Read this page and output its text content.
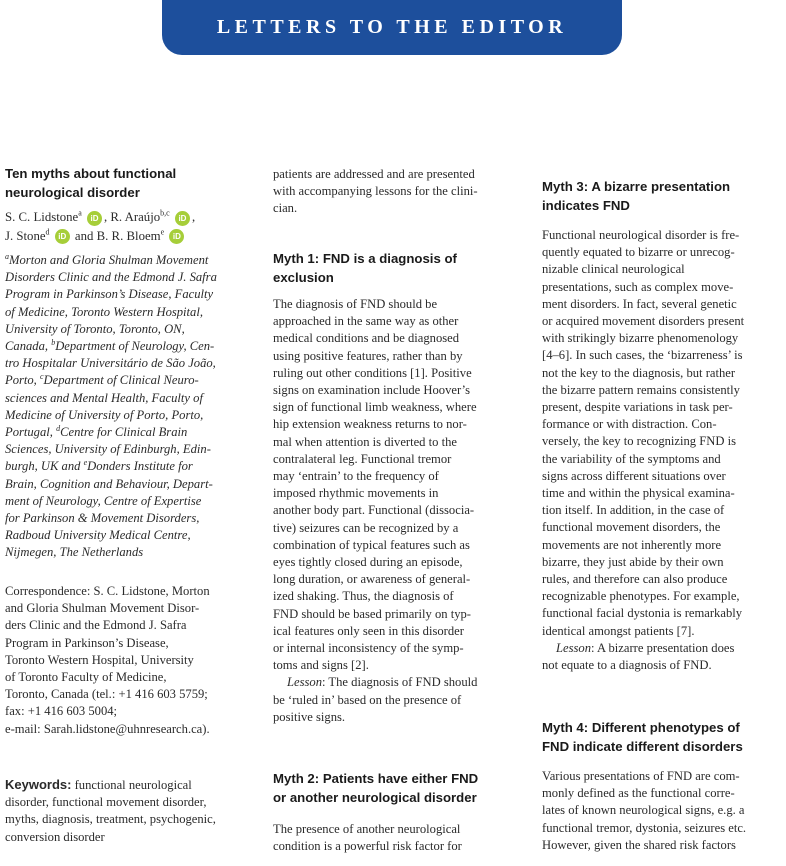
LETTERS TO THE EDITOR
Ten myths about functional
neurological disorder
S. C. Lidstone$^a$ iD , R. Araújo$^{b,c}$ iD ,
J. Stone$^d$ iD and B. R. Bloem$^e$ iD
$^a$Morton and Gloria Shulman Movement
Disorders Clinic and the Edmond J. Safra
Program in Parkinson’s Disease, Faculty
of Medicine, Toronto Western Hospital,
University of Toronto, Toronto, ON,
Canada, $^b$Department of Neurology, Cen-
tro Hospitalar Universitário de São João,
Porto, $^c$Department of Clinical Neuro-
sciences and Mental Health, Faculty of
Medicine of University of Porto, Porto,
Portugal, $^d$Centre for Clinical Brain
Sciences, University of Edinburgh, Edin-
burgh, UK and $^e$Donders Institute for
Brain, Cognition and Behaviour, Depart-
ment of Neurology, Centre of Expertise
for Parkinson & Movement Disorders,
Radboud University Medical Centre,
Nijmegen, The Netherlands
Correspondence: S. C. Lidstone, Morton
and Gloria Shulman Movement Disor-
ders Clinic and the Edmond J. Safra
Program in Parkinson’s Disease,
Toronto Western Hospital, University
of Toronto Faculty of Medicine,
Toronto, Canada (tel.: +1 416 603 5759;
fax: +1 416 603 5004;
e-mail: Sarah.lidstone@uhnresearch.ca).
Keywords: functional neurological
disorder, functional movement disorder,
myths, diagnosis, treatment, psychogenic,
conversion disorder
patients are addressed and are presented
with accompanying lessons for the clini-
cian.
Myth 1: FND is a diagnosis of
exclusion
The diagnosis of FND should be
approached in the same way as other
medical conditions and be diagnosed
using positive features, rather than by
ruling out other conditions [1]. Positive
signs on examination include Hoover’s
sign of functional limb weakness, where
hip extension weakness returns to nor-
mal when attention is diverted to the
contralateral leg. Functional tremor
may ‘entrain’ to the frequency of
imposed rhythmic movements in
another body part. Functional (dissocia-
tive) seizures can be recognized by a
combination of typical features such as
eyes tightly closed during an episode,
long duration, or awareness of general-
ized shaking. Thus, the diagnosis of
FND should be based primarily on typ-
ical features only seen in this disorder
or internal inconsistency of the symp-
toms and signs [2].
Lesson: The diagnosis of FND should
be ‘ruled in’ based on the presence of
positive signs.
Myth 2: Patients have either FND
or another neurological disorder
The presence of another neurological
condition is a powerful risk factor for
Myth 3: A bizarre presentation
indicates FND
Functional neurological disorder is fre-
quently equated to bizarre or unrecog-
nizable clinical neurological
presentations, such as complex move-
ment disorders. In fact, several genetic
or acquired movement disorders present
with strikingly bizarre phenomenology
[4–6]. In such cases, the ‘bizarreness’ is
not the key to the diagnosis, but rather
the bizarre pattern remains consistently
present, despite variations in task per-
formance or with distraction. Con-
versely, the key to recognizing FND is
the variability of the symptoms and
signs across different situations over
time and within the physical examina-
tion itself. In addition, in the case of
functional movement disorders, the
movements are not inherently more
bizarre, they just abide by their own
rules, and therefore can also produce
recognizable phenotypes. For example,
functional facial dystonia is remarkably
identical amongst patients [7].
Lesson: A bizarre presentation does
not equate to a diagnosis of FND.
Myth 4: Different phenotypes of
FND indicate different disorders
Various presentations of FND are com-
monly defined as the functional corre-
lates of known neurological signs, e.g. a
functional tremor, dystonia, seizures etc.
However, given the shared risk factors
